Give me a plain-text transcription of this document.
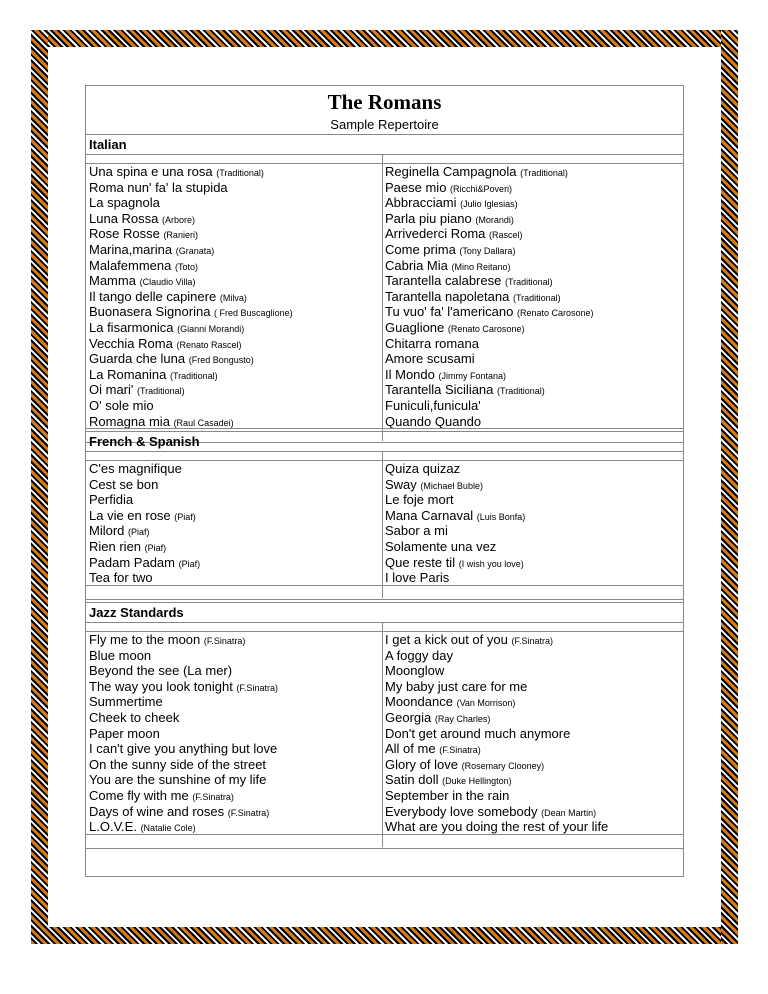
The Romans
Sample Repertoire
Italian
Una spina e una rosa (Traditional)
Roma nun' fa' la stupida
La spagnola
Luna Rossa (Arbore)
Rose Rosse (Ranieri)
Marina,marina (Granata)
Malafemmena (Toto)
Mamma (Claudio Villa)
Il tango delle capinere (Milva)
Buonasera Signorina ( Fred Buscaglione)
La fisarmonica (Gianni Morandi)
Vecchia Roma (Renato Rascel)
Guarda che luna (Fred Bongusto)
La Romanina (Traditional)
Oi mari' (Traditional)
O' sole mio
Romagna mia (Raul Casadei)
Reginella Campagnola (Traditional)
Paese mio (Ricchi&Poveri)
Abbracciami (Julio Iglesias)
Parla piu piano (Morandi)
Arrivederci Roma (Rascel)
Come prima (Tony Dallara)
Cabria Mia (Mino Reitano)
Tarantella calabrese (Traditional)
Tarantella napoletana (Traditional)
Tu vuo' fa' l'americano (Renato Carosone)
Guaglione (Renato Carosone)
Chitarra romana
Amore scusami
Il Mondo (Jimmy Fontana)
Tarantella Siciliana (Traditional)
Funiculi,funicula'
Quando Quando
French & Spanish
C'es magnifique
Cest se bon
Perfidia
La vie en rose (Piaf)
Milord (Piaf)
Rien rien (Piaf)
Padam Padam (Piaf)
Tea for two
Quiza quizaz
Sway (Michael Buble)
Le foje mort
Mana Carnaval (Luis Bonfa)
Sabor a mi
Solamente una vez
Que reste til (I wish you love)
I love Paris
Jazz Standards
Fly me to the moon (F.Sinatra)
Blue moon
Beyond the see (La mer)
The way you look tonight (F.Sinatra)
Summertime
Cheek to cheek
Paper moon
I can't give you anything but love
On the sunny side of the street
You are the sunshine of my life
Come fly with me (F.Sinatra)
Days of wine and roses (F.Sinatra)
L.O.V.E. (Natalie Cole)
I get a kick out of you (F.Sinatra)
A foggy day
Moonglow
My baby just care for me
Moondance (Van Morrison)
Georgia (Ray Charles)
Don't get around much anymore
All of me (F.Sinatra)
Glory of love (Rosemary Clooney)
Satin doll (Duke Hellington)
September in the rain
Everybody love somebody (Dean Martin)
What are you doing the rest of your life
